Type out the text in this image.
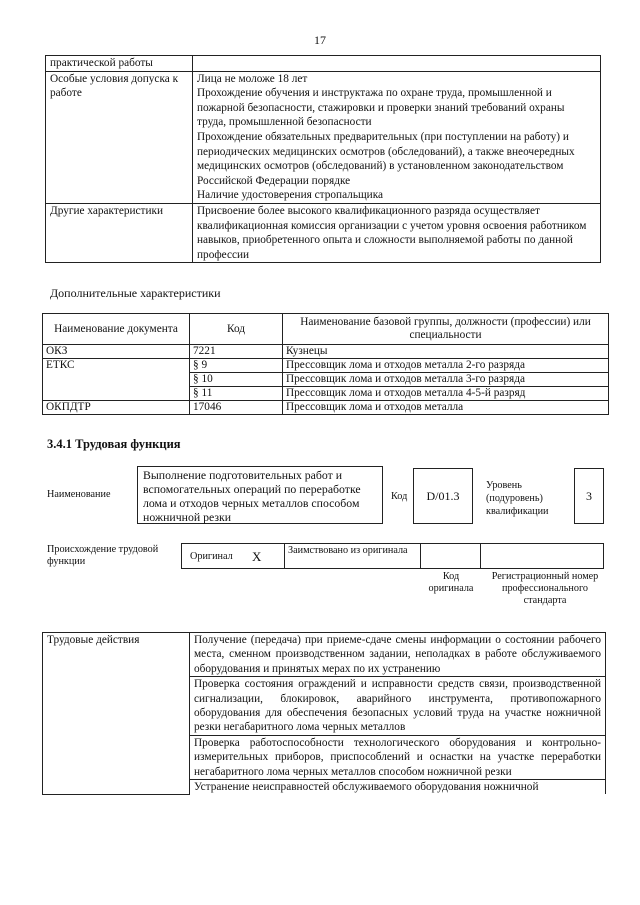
17
практической работы	
Особые условия допуска к работе	Лица не моложе 18 лет

Прохождение обучения и инструктажа по охране труда, промышленной и пожарной безопасности, стажировки и проверки знаний требований охраны труда, промышленной безопасности

Прохождение обязательных предварительных (при поступлении на работу) и периодических медицинских осмотров (обследований), а также внеочередных медицинских осмотров (обследований) в установленном законодательством Российской Федерации порядке

Наличие удостоверения стропальщика

Другие характеристики	Присвоение более высокого квалификационного разряда осуществляет квалификационная комиссия организации с учетом уровня освоения работником навыков, приобретенного опыта и сложности выполняемой работы по данной профессии

Дополнительные характеристики
Наименование документа	Код	Наименование базовой группы, должности (профессии) или специальности
ОКЗ	7221	Кузнецы
ЕТКС	§ 9	Прессовщик лома и отходов металла 2-го разряда
	§ 10	Прессовщик лома и отходов металла 3-го разряда
	§ 11	Прессовщик лома и отходов металла 4-5-й разряд
ОКПДТР	17046	Прессовщик лома и отходов металла
3.4.1 Трудовая функция
Наименование
Выполнение подготовительных работ и вспомогательных операций по переработке лома и отходов черных металлов способом ножничной резки
Код	D/01.3
Уровень (подуровень) квалификации
3
Происхождение трудовой функции	Оригинал X	Заимствовано из оригинала
Код оригинала
Регистрационный номер профессионального стандарта
Трудовые действия	Получение (передача) при приеме-сдаче смены информации о состоянии рабочего места, сменном производственном задании, неполадках в работе обслуживаемого оборудования и принятых мерах по их устранению
Проверка состояния ограждений и исправности средств связи, производственной сигнализации, блокировок, аварийного инструмента, противопожарного оборудования для обеспечения безопасных условий труда на участке ножничной резки негабаритного лома черных металлов
Проверка работоспособности технологического оборудования и контрольно-измерительных приборов, приспособлений и оснастки на участке переработки негабаритного лома черных металлов способом ножничной резки
Устранение неисправностей обслуживаемого оборудования ножничной
